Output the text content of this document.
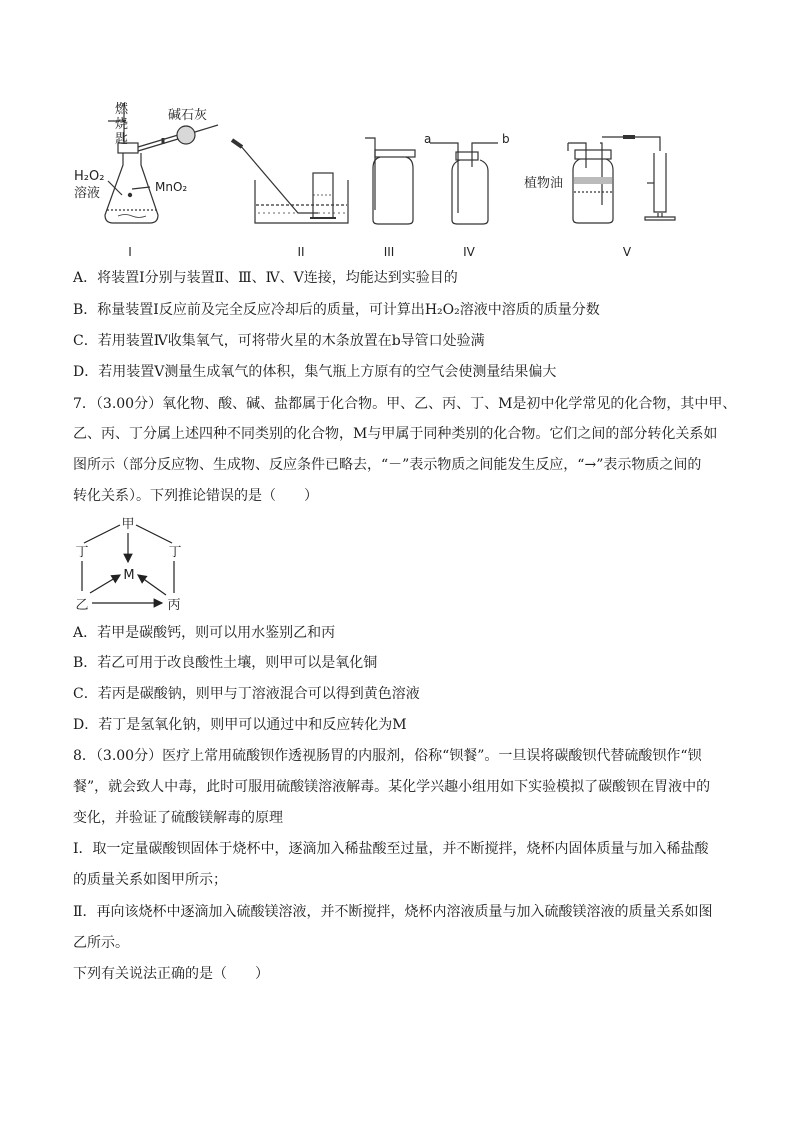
燃
烧
匙
碱石灰
H₂O₂
溶液	MnO₂
a	b
植物油
I	II	III	IV	V
A．将装置Ⅰ分别与装置Ⅱ、Ⅲ、Ⅳ、Ⅴ连接，均能达到实验目的
B．称量装置Ⅰ反应前及完全反应冷却后的质量，可计算出H₂O₂溶液中溶质的质量分数
C．若用装置Ⅳ收集氧气，可将带火星的木条放置在b导管口处验满
D．若用装置Ⅴ测量生成氧气的体积，集气瓶上方原有的空气会使测量结果偏大
7．（3.00分）氧化物、酸、碱、盐都属于化合物。甲、乙、丙、丁、M是初中化学常见的化合物，其中甲、
乙、丙、丁分属上述四种不同类别的化合物，M与甲属于同种类别的化合物。它们之间的部分转化关系如
图所示（部分反应物、生成物、反应条件已略去，“－”表示物质之间能发生反应，“→”表示物质之间的
转化关系）。下列推论错误的是（　　）
甲
丁	丁
M
乙	丙
A．若甲是碳酸钙，则可以用水鉴别乙和丙
B．若乙可用于改良酸性土壤，则甲可以是氧化铜
C．若丙是碳酸钠，则甲与丁溶液混合可以得到黄色溶液
D．若丁是氢氧化钠，则甲可以通过中和反应转化为M
8．（3.00分）医疗上常用硫酸钡作透视肠胃的内服剂，俗称“钡餐”。一旦误将碳酸钡代替硫酸钡作“钡
餐”，就会致人中毒，此时可服用硫酸镁溶液解毒。某化学兴趣小组用如下实验模拟了碳酸钡在胃液中的
变化，并验证了硫酸镁解毒的原理
Ⅰ．取一定量碳酸钡固体于烧杯中，逐滴加入稀盐酸至过量，并不断搅拌，烧杯内固体质量与加入稀盐酸
的质量关系如图甲所示；
Ⅱ．再向该烧杯中逐滴加入硫酸镁溶液，并不断搅拌，烧杯内溶液质量与加入硫酸镁溶液的质量关系如图
乙所示。
下列有关说法正确的是（　　）
